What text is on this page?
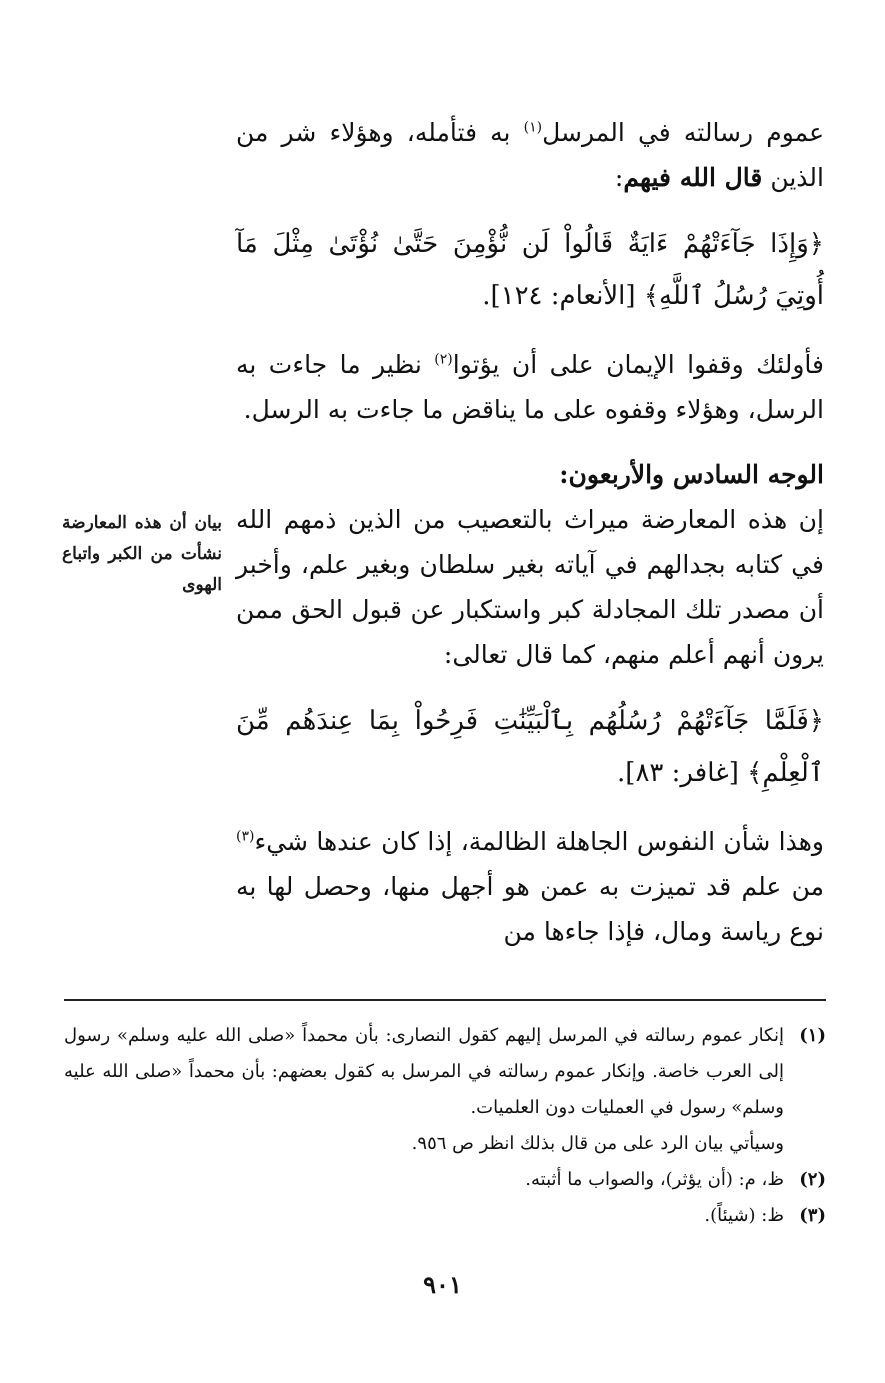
عموم رسالته في المرسل$^{(١)}$ به فتأمله، وهؤلاء شر من الذين قال الله فيهم:

﴿وَإِذَا جَآءَتْهُمْ ءَايَةٌ قَالُواْ لَن نُّؤْمِنَ حَتَّىٰ نُؤْتَىٰ مِثْلَ مَآ أُوتِيَ رُسُلُ ٱللَّهِ﴾ [الأنعام: ١٢٤].

فأولئك وقفوا الإيمان على أن يؤتوا$^{(٢)}$ نظير ما جاءت به الرسل، وهؤلاء وقفوه على ما يناقض ما جاءت به الرسل.

الوجه السادس والأربعون:

إن هذه المعارضة ميراث بالتعصيب من الذين ذمهم الله في كتابه بجدالهم في آياته بغير سلطان وبغير علم، وأخبر أن مصدر تلك المجادلة كبر واستكبار عن قبول الحق ممن يرون أنهم أعلم منهم، كما قال تعالى:

﴿فَلَمَّا جَآءَتْهُمْ رُسُلُهُم بِٱلْبَيِّنَٰتِ فَرِحُواْ بِمَا عِندَهُم مِّنَ ٱلْعِلْمِ﴾ [غافر: ٨٣].

وهذا شأن النفوس الجاهلة الظالمة، إذا كان عندها شيء$^{(٣)}$ من علم قد تميزت به عمن هو أجهل منها، وحصل لها به نوع رياسة ومال، فإذا جاءها من

بيان أن هذه المعارضة نشأت من الكبر واتباع الهوى
(١)
إنكار عموم رسالته في المرسل إليهم كقول النصارى: بأن محمداً «صلى الله عليه وسلم» رسول إلى العرب خاصة. وإنكار عموم رسالته في المرسل به كقول بعضهم: بأن محمداً «صلى الله عليه وسلم» رسول في العمليات دون العلميات.
وسيأتي بيان الرد على من قال بذلك انظر ص ٩٥٦.
(٢)
ظ، م: (أن يؤثر)، والصواب ما أثبته.
(٣)
ظ: (شيئاً).
٩٠١
